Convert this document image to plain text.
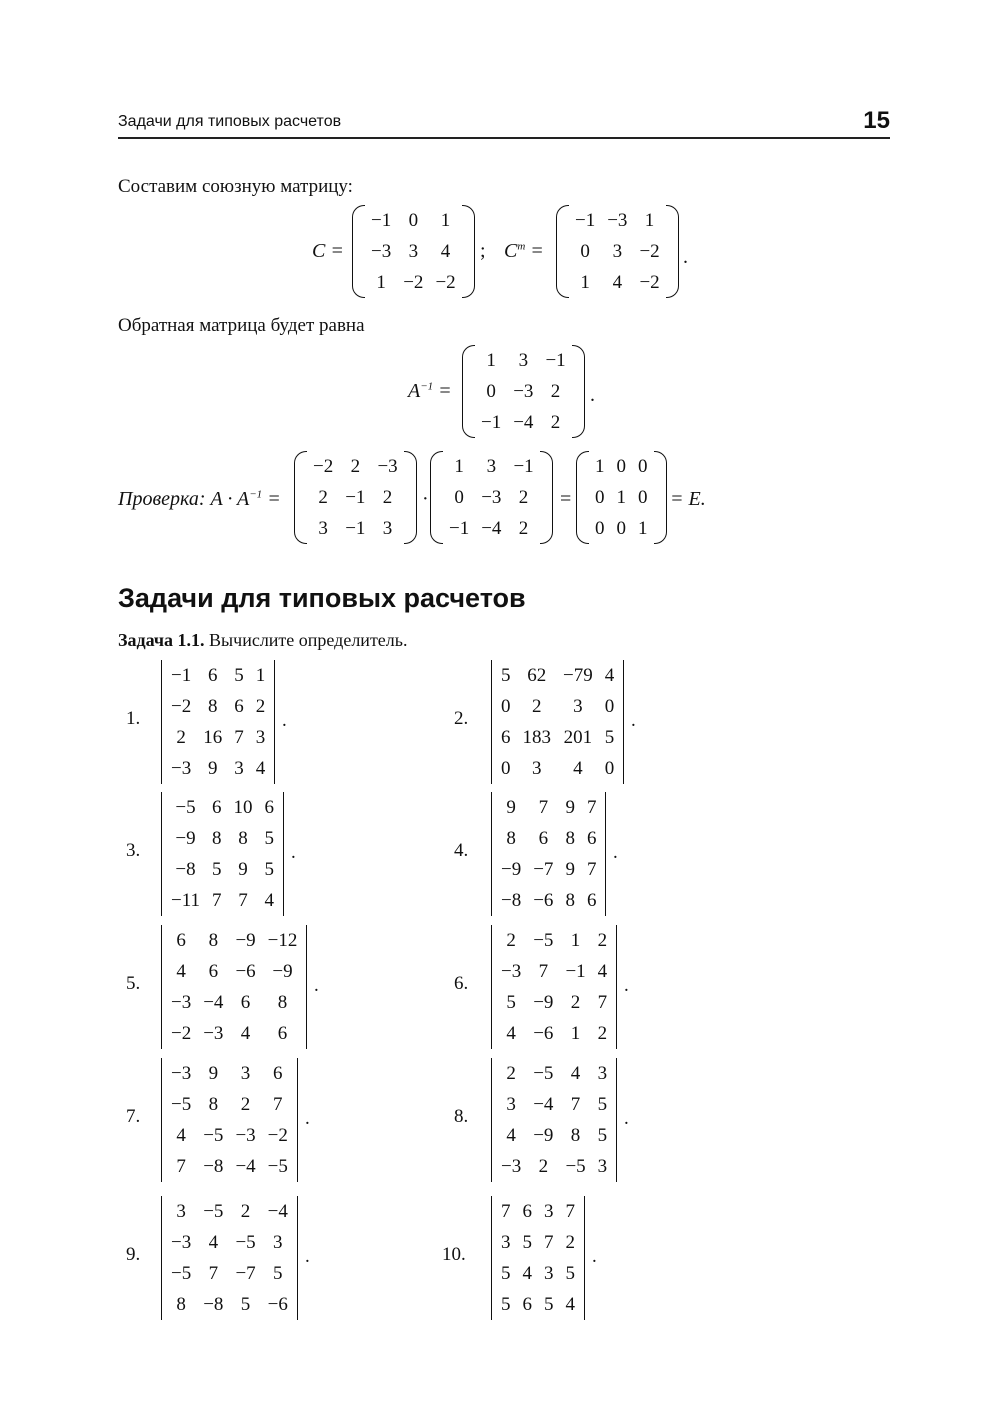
Задачи для типовых расчетов	15
Составим союзную матрицу:
C =
−1	0	1
−3	3	4
1	−2	−2
; $C^т$ =
−1	−3	1
0	3	−2
1	4	−2
.
Обратная матрица будет равна
$A^{-1}$ =
1	3	−1
0	−3	2
−1	−4	2
.
Проверка: $A \cdot A^{-1}$ =
−2	2	−3
2	−1	2
3	−1	3
·
1	3	−1
0	−3	2
−1	−4	2
=
1	0	0
0	1	0
0	0	1
= E.
Задачи для типовых расчетов
Задача 1.1. Вычислите определитель.
1.
−1	6	5	1
−2	8	6	2
2	16	7	3
−3	9	3	4
.	2.
5	62	−79	4
0	2	3	0
6	183	201	5
0	3	4	0
.
3.
−5	6	10	6
−9	8	8	5
−8	5	9	5
−11	7	7	4
.	4.
9	7	9	7
8	6	8	6
−9	−7	9	7
−8	−6	8	6
.
5.
6	8	−9	−12
4	6	−6	−9
−3	−4	6	8
−2	−3	4	6
.	6.
2	−5	1	2
−3	7	−1	4
5	−9	2	7
4	−6	1	2
.
7.
−3	9	3	6
−5	8	2	7
4	−5	−3	−2
7	−8	−4	−5
.	8.
2	−5	4	3
3	−4	7	5
4	−9	8	5
−3	2	−5	3
.
9.
3	−5	2	−4
−3	4	−5	3
−5	7	−7	5
8	−8	5	−6
.	10.
7	6	3	7
3	5	7	2
5	4	3	5
5	6	5	4
.
